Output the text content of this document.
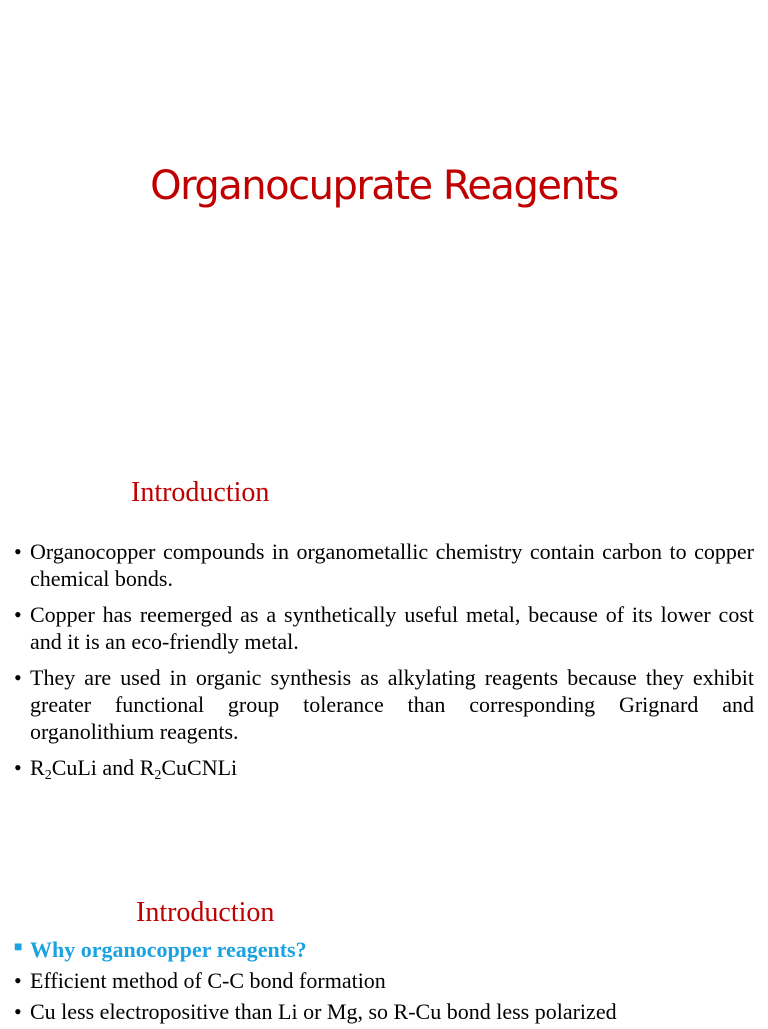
Organocuprate Reagents
Introduction
• Organocopper compounds in organometallic chemistry contain carbon to copper chemical bonds.
• Copper has reemerged as a synthetically useful metal, because of its lower cost and it is an eco-friendly metal.
• They are used in organic synthesis as alkylating reagents because they exhibit greater functional group tolerance than corresponding Grignard and organolithium reagents.
• $R_2CuLi$ and $R_2CuCNLi$
Introduction
■ Why organocopper reagents?
• Efficient method of C-C bond formation
• Cu less electropositive than Li or Mg, so R-Cu bond less polarized
